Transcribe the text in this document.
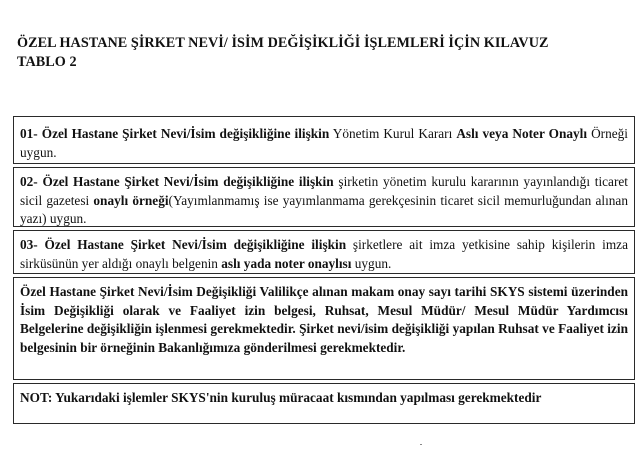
ÖZEL HASTANE ŞİRKET NEVİ/ İSİM DEĞİŞİKLİĞİ İŞLEMLERİ İÇİN KILAVUZ
TABLO 2
01- Özel Hastane Şirket Nevi/İsim değişikliğine ilişkin Yönetim Kurul Kararı Aslı veya Noter Onaylı Örneği uygun.
02- Özel Hastane Şirket Nevi/İsim değişikliğine ilişkin şirketin yönetim kurulu kararının yayınlandığı ticaret sicil gazetesi onaylı örneği(Yayımlanmamış ise yayımlanmama gerekçesinin ticaret sicil memurluğundan alınan yazı) uygun.
03- Özel Hastane Şirket Nevi/İsim değişikliğine ilişkin şirketlere ait imza yetkisine sahip kişilerin imza sirküsünün yer aldığı onaylı belgenin aslı yada noter onaylısı uygun.
Özel Hastane Şirket Nevi/İsim Değişikliği Valilikçe alınan makam onay sayı tarihi SKYS sistemi üzerinden İsim Değişikliği olarak ve Faaliyet izin belgesi, Ruhsat, Mesul Müdür/ Mesul Müdür Yardımcısı Belgelerine değişikliğin işlenmesi gerekmektedir. Şirket nevi/isim değişikliği yapılan Ruhsat ve Faaliyet izin belgesinin bir örneğinin Bakanlığımıza gönderilmesi gerekmektedir.
NOT: Yukarıdaki işlemler SKYS'nin kuruluş müracaat kısmından yapılması gerekmektedir
